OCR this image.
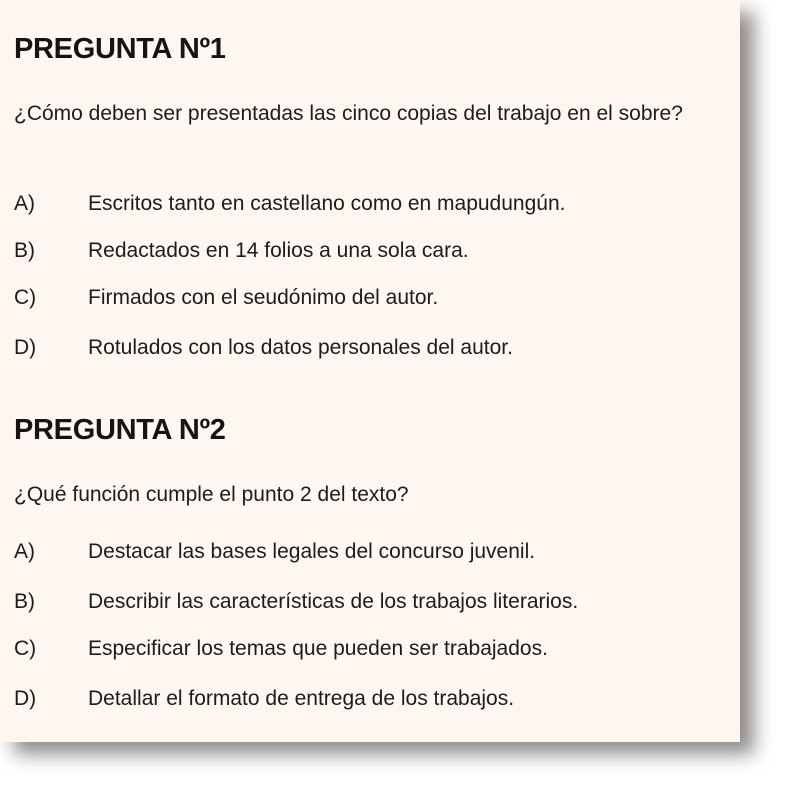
PREGUNTA Nº1

¿Cómo deben ser presentadas las cinco copias del trabajo en el sobre?

A)	Escritos tanto en castellano como en mapudungún.
B)	Redactados en 14 folios a una sola cara.
C) Firmados con el seudónimo del autor.
D) Rotulados con los datos personales del autor.
PREGUNTA Nº2

¿Qué función cumple el punto 2 del texto?

A)	Destacar las bases legales del concurso juvenil.
B)	Describir las características de los trabajos literarios.
C) Especificar los temas que pueden ser trabajados.
D) Detallar el formato de entrega de los trabajos.
